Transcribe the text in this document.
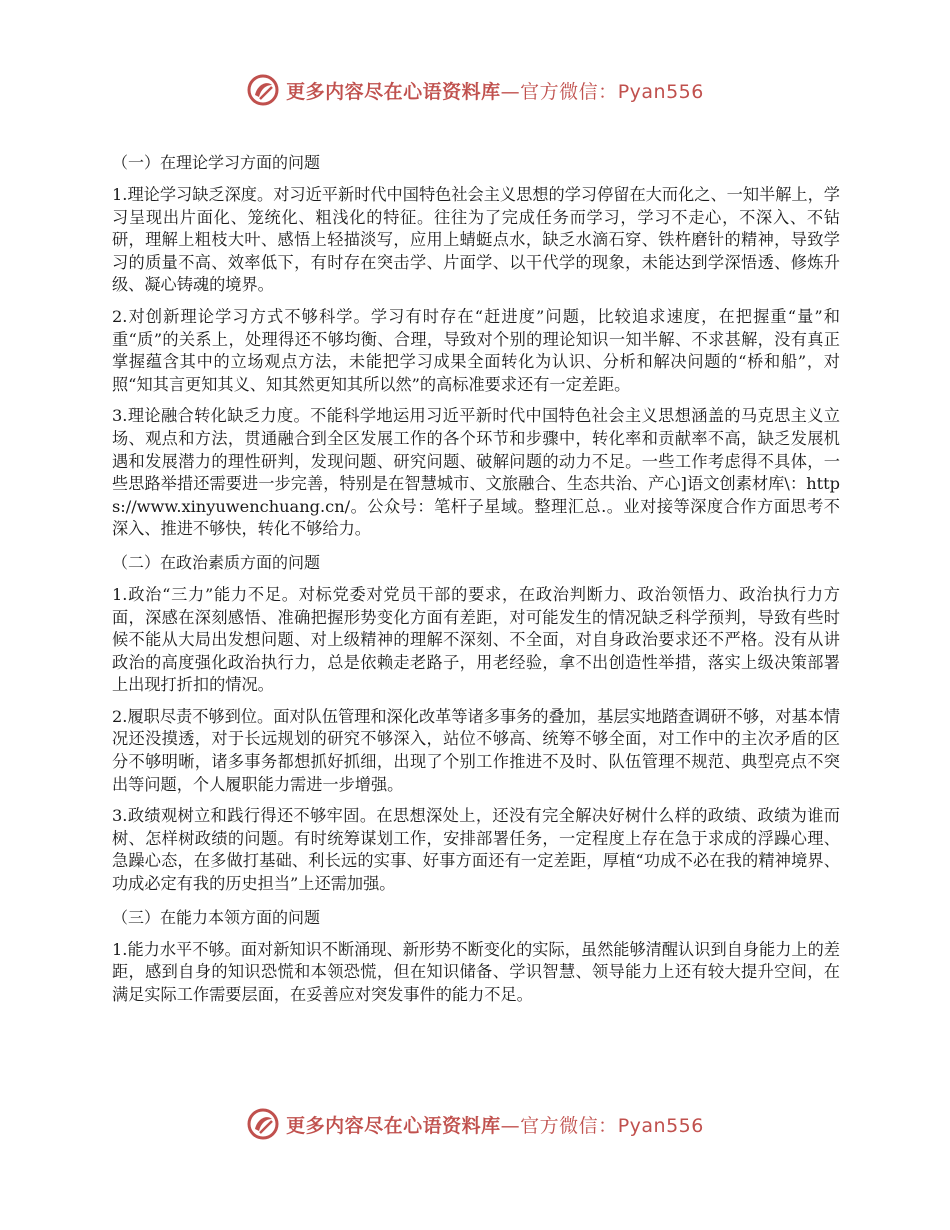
更多内容尽在心语资料库—官方微信：Pyan556

（一）在理论学习方面的问题

1.理论学习缺乏深度。对习近平新时代中国特色社会主义思想的学习停留在大而化之、一知半解上，学习呈现出片面化、笼统化、粗浅化的特征。往往为了完成任务而学习，学习不走心，不深入、不钻研，理解上粗枝大叶、感悟上轻描淡写，应用上蜻蜓点水，缺乏水滴石穿、铁杵磨针的精神，导致学习的质量不高、效率低下，有时存在突击学、片面学、以干代学的现象，未能达到学深悟透、修炼升级、凝心铸魂的境界。

2.对创新理论学习方式不够科学。学习有时存在“赶进度”问题，比较追求速度，在把握重“量”和重“质”的关系上，处理得还不够均衡、合理，导致对个别的理论知识一知半解、不求甚解，没有真正掌握蕴含其中的立场观点方法，未能把学习成果全面转化为认识、分析和解决问题的“桥和船”，对照“知其言更知其义、知其然更知其所以然”的高标准要求还有一定差距。

3.理论融合转化缺乏力度。不能科学地运用习近平新时代中国特色社会主义思想涵盖的马克思主义立场、观点和方法，贯通融合到全区发展工作的各个环节和步骤中，转化率和贡献率不高，缺乏发展机遇和发展潜力的理性研判，发现问题、研究问题、破解问题的动力不足。一些工作考虑得不具体，一些思路举措还需要进一步完善，特别是在智慧城市、文旅融合、生态共治、产心]语文创素材库\：https://www.xinyuwenchuang.cn/。公众号：笔杆子星域。整理汇总.。业对接等深度合作方面思考不深入、推进不够快，转化不够给力。

（二）在政治素质方面的问题

1.政治“三力”能力不足。对标党委对党员干部的要求，在政治判断力、政治领悟力、政治执行力方面，深感在深刻感悟、准确把握形势变化方面有差距，对可能发生的情况缺乏科学预判，导致有些时候不能从大局出发想问题、对上级精神的理解不深刻、不全面，对自身政治要求还不严格。没有从讲政治的高度强化政治执行力，总是依赖走老路子，用老经验，拿不出创造性举措，落实上级决策部署上出现打折扣的情况。

2.履职尽责不够到位。面对队伍管理和深化改革等诸多事务的叠加，基层实地踏查调研不够，对基本情况还没摸透，对于长远规划的研究不够深入，站位不够高、统筹不够全面，对工作中的主次矛盾的区分不够明晰，诸多事务都想抓好抓细，出现了个别工作推进不及时、队伍管理不规范、典型亮点不突出等问题，个人履职能力需进一步增强。

3.政绩观树立和践行得还不够牢固。在思想深处上，还没有完全解决好树什么样的政绩、政绩为谁而树、怎样树政绩的问题。有时统筹谋划工作，安排部署任务，一定程度上存在急于求成的浮躁心理、急躁心态，在多做打基础、利长远的实事、好事方面还有一定差距，厚植“功成不必在我的精神境界、功成必定有我的历史担当”上还需加强。

（三）在能力本领方面的问题

1.能力水平不够。面对新知识不断涌现、新形势不断变化的实际，虽然能够清醒认识到自身能力上的差距，感到自身的知识恐慌和本领恐慌，但在知识储备、学识智慧、领导能力上还有较大提升空间，在满足实际工作需要层面，在妥善应对突发事件的能力不足。

更多内容尽在心语资料库—官方微信：Pyan556
